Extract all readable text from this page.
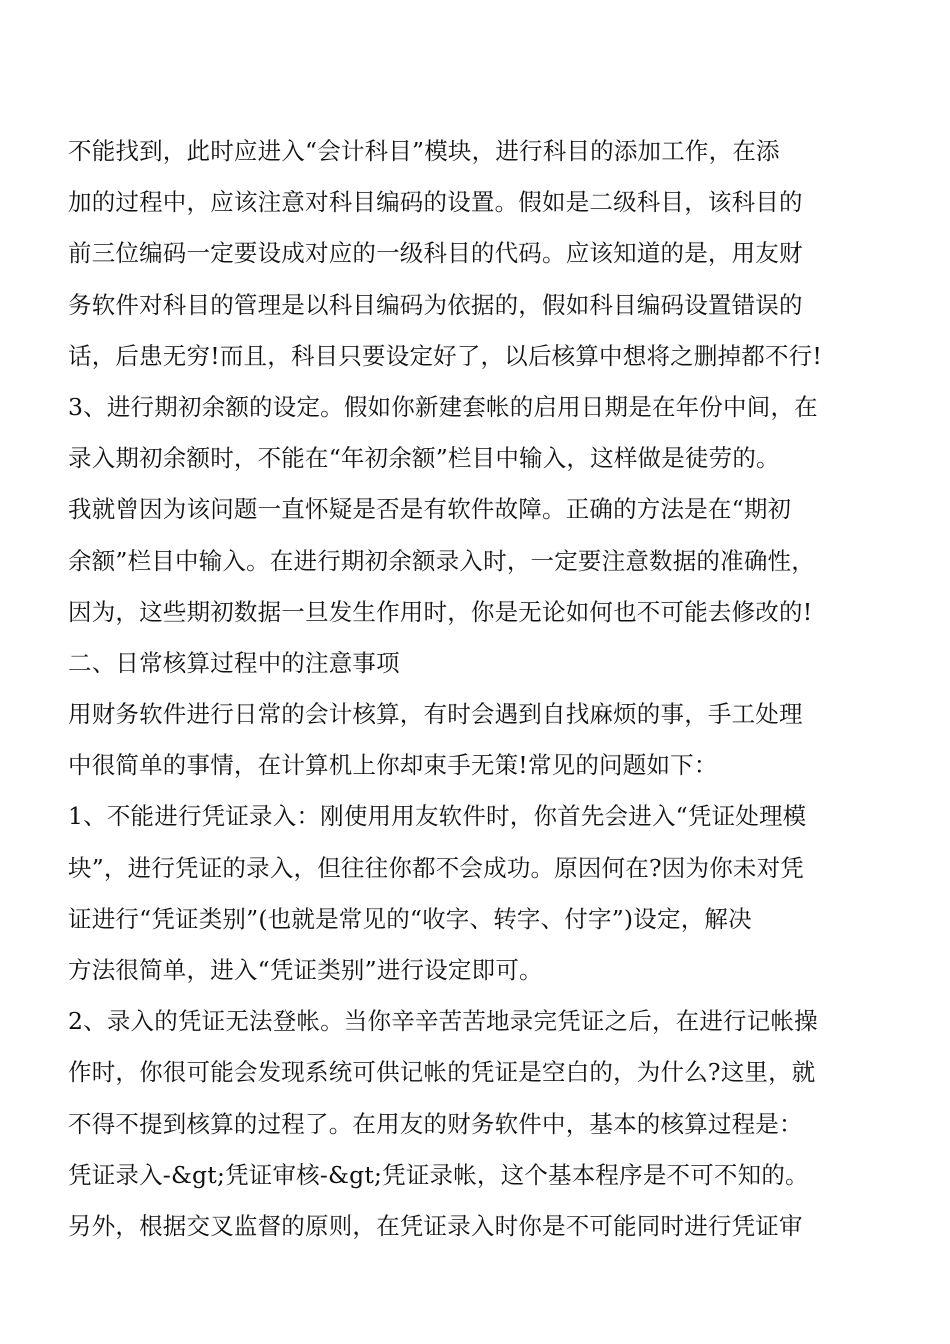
不能找到，此时应进入“会计科目”模块，进行科目的添加工作，在添
加的过程中，应该注意对科目编码的设置。假如是二级科目，该科目的
前三位编码一定要设成对应的一级科目的代码。应该知道的是，用友财
务软件对科目的管理是以科目编码为依据的，假如科目编码设置错误的
话，后患无穷!而且，科目只要设定好了，以后核算中想将之删掉都不行!
3、进行期初余额的设定。假如你新建套帐的启用日期是在年份中间，在
录入期初余额时，不能在“年初余额”栏目中输入，这样做是徒劳的。
我就曾因为该问题一直怀疑是否是有软件故障。正确的方法是在“期初
余额”栏目中输入。在进行期初余额录入时，一定要注意数据的准确性，
因为，这些期初数据一旦发生作用时，你是无论如何也不可能去修改的!
二、日常核算过程中的注意事项
用财务软件进行日常的会计核算，有时会遇到自找麻烦的事，手工处理
中很简单的事情，在计算机上你却束手无策!常见的问题如下：
1、不能进行凭证录入：刚使用用友软件时，你首先会进入“凭证处理模
块”，进行凭证的录入，但往往你都不会成功。原因何在?因为你未对凭
证进行“凭证类别”(也就是常见的“收字、转字、付字”)设定，解决
方法很简单，进入“凭证类别”进行设定即可。
2、录入的凭证无法登帐。当你辛辛苦苦地录完凭证之后，在进行记帐操
作时，你很可能会发现系统可供记帐的凭证是空白的，为什么?这里，就
不得不提到核算的过程了。在用友的财务软件中，基本的核算过程是：
凭证录入-&gt;凭证审核-&gt;凭证录帐，这个基本程序是不可不知的。
另外，根据交叉监督的原则，在凭证录入时你是不可能同时进行凭证审
